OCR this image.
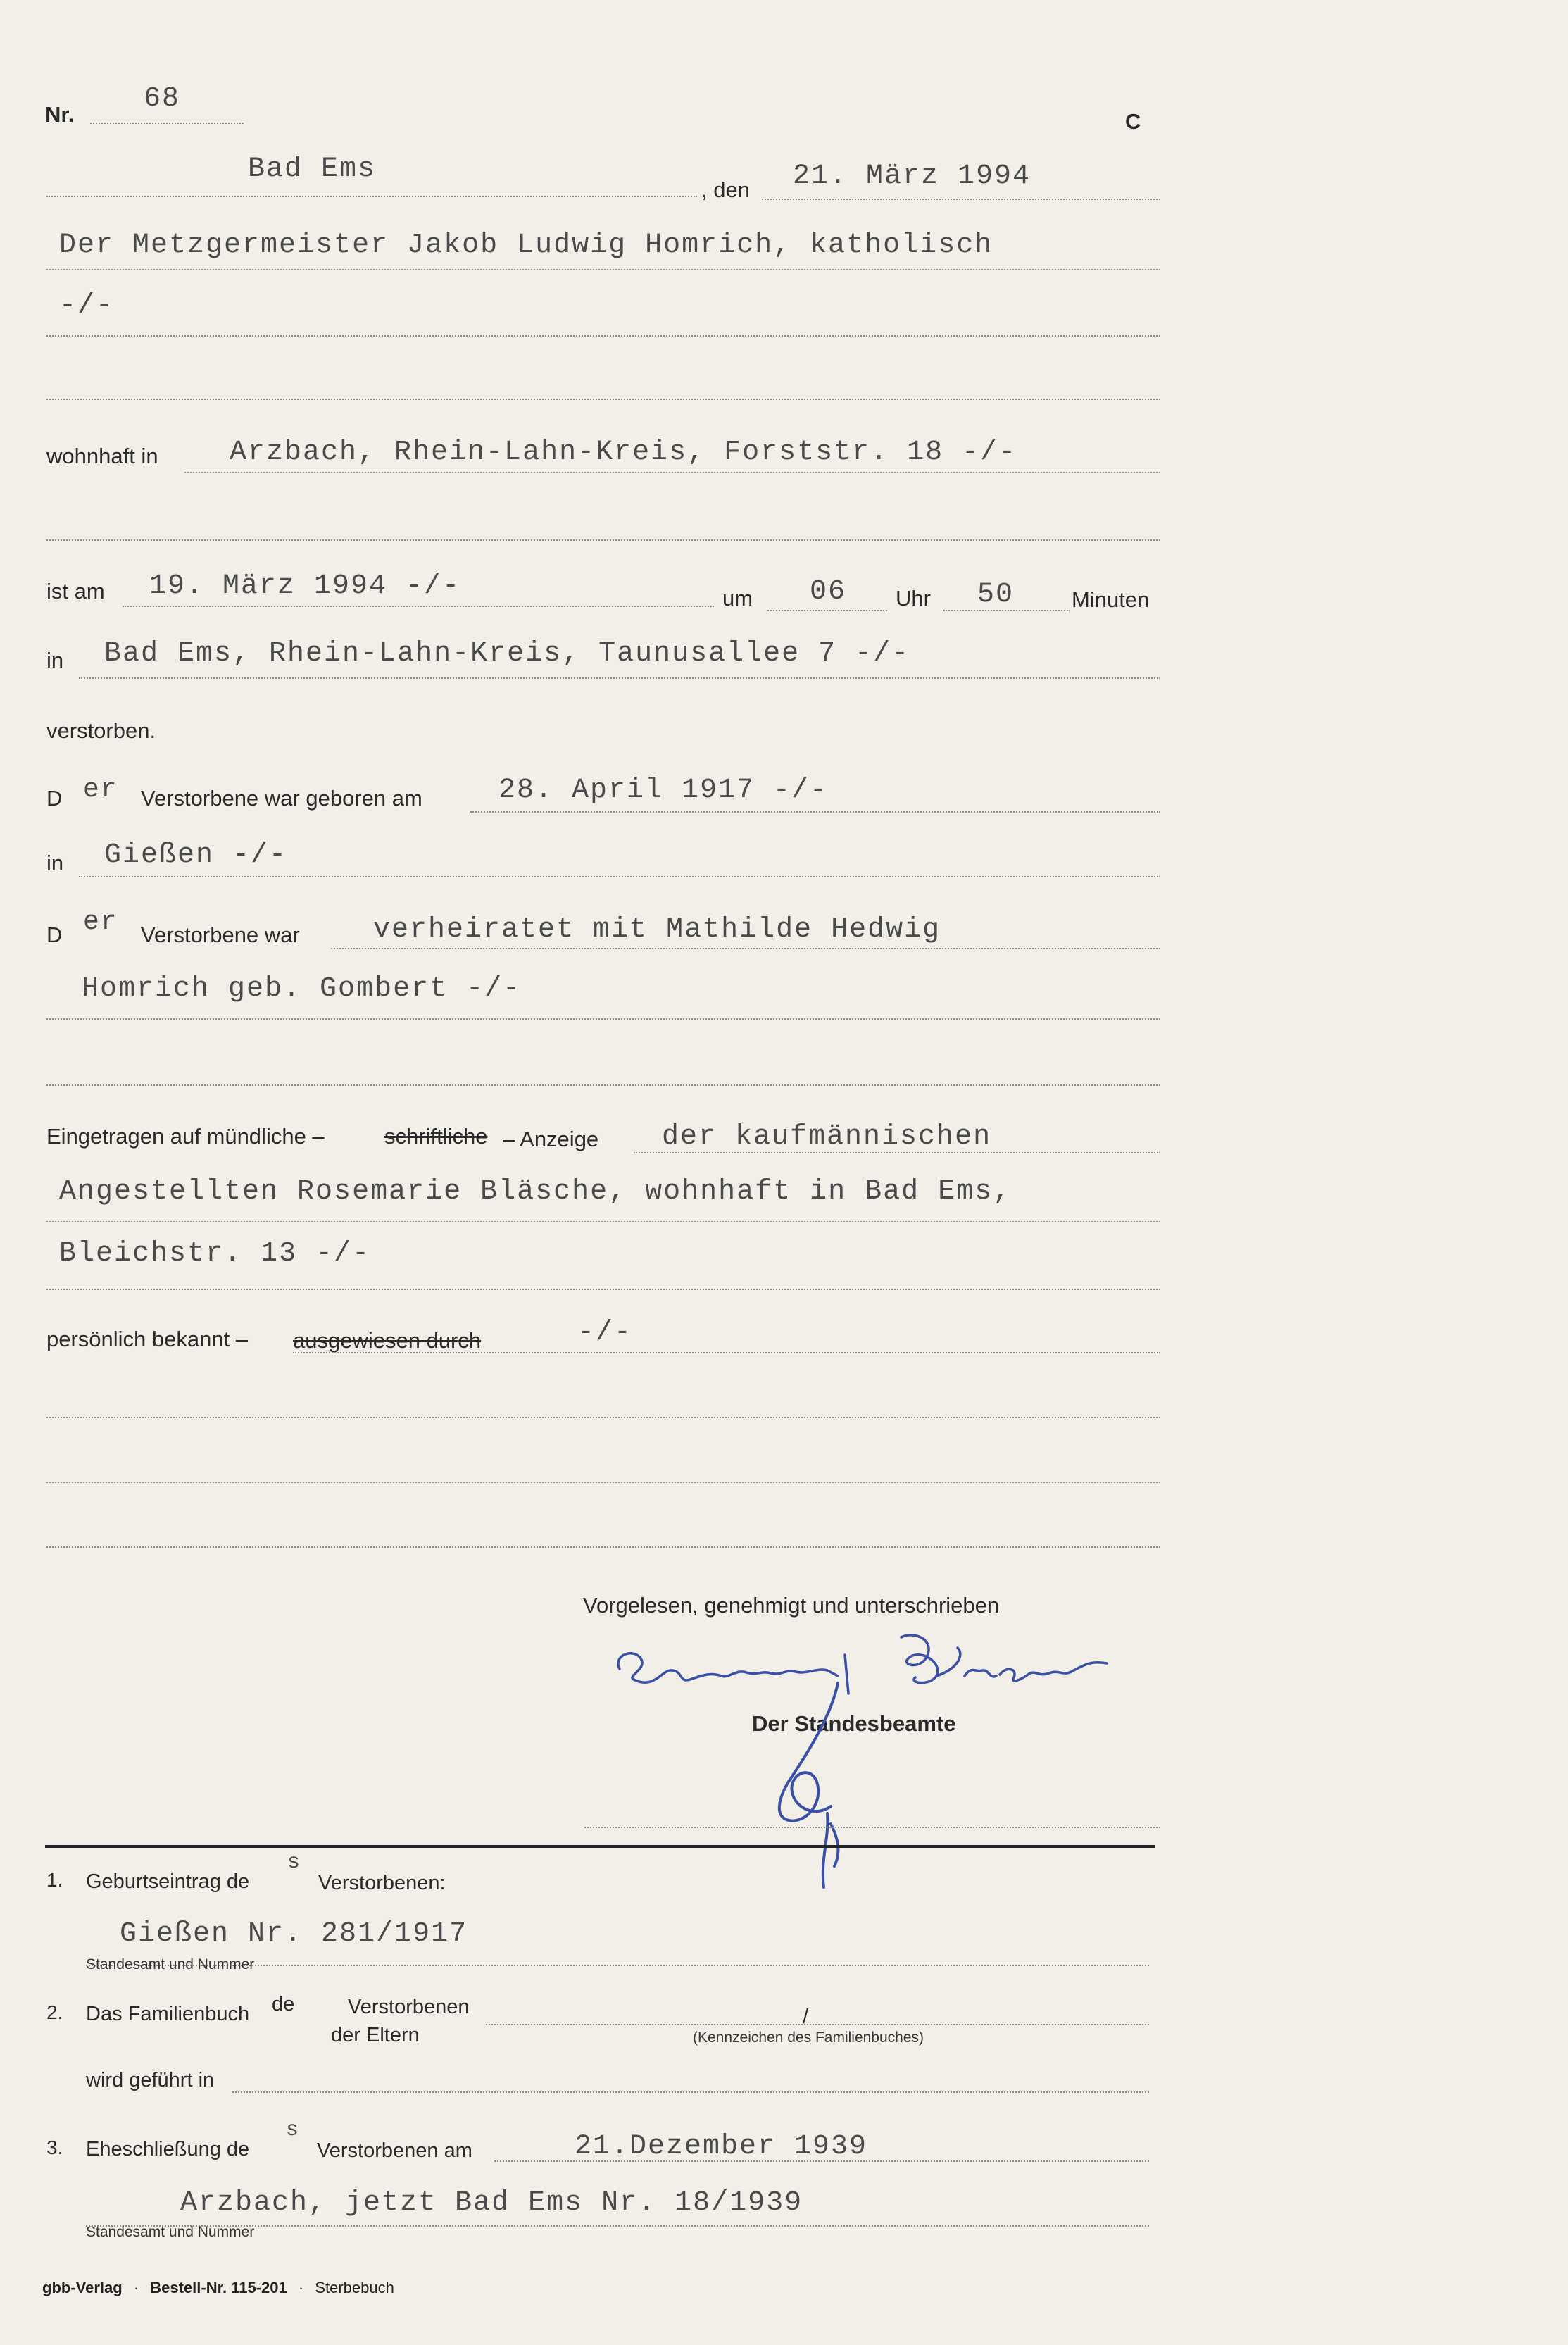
Nr. 68
C
Bad Ems
, den 21. März 1994
Der Metzgermeister Jakob Ludwig Homrich, katholisch
-/-
wohnhaft in	Arzbach, Rhein-Lahn-Kreis, Forststr. 18 -/-
ist am 19. März 1994 -/-	um 06 Uhr 50	Minuten
in Bad Ems, Rhein-Lahn-Kreis, Taunusallee 7 -/-
verstorben.
D er Verstorbene war geboren am	28. April 1917 -/-
in Gießen -/-
D er Verstorbene war	verheiratet mit Mathilde Hedwig
Homrich geb. Gombert -/-
Eingetragen auf mündliche –	schriftliche – Anzeige der kaufmännischen
Angestellten Rosemarie Bläsche, wohnhaft in Bad Ems,
Bleichstr. 13 -/-
persönlich bekannt – ausgewiesen durch	-/-
Vorgelesen, genehmigt und unterschrieben
Der Standesbeamte
1. Geburtseintrag de
s
Verstorbenen:
Gießen Nr. 281/1917
Standesamt und Nummer
2. Das Familienbuch de	Verstorbenen
der Eltern
/
(Kennzeichen des Familienbuches)
wird geführt in
3. Eheschließung de
s
Verstorbenen am	21.Dezember 1939
Arzbach, jetzt Bad Ems Nr. 18/1939
Standesamt und Nummer
gbb-Verlag · Bestell-Nr. 115-201 · Sterbebuch
